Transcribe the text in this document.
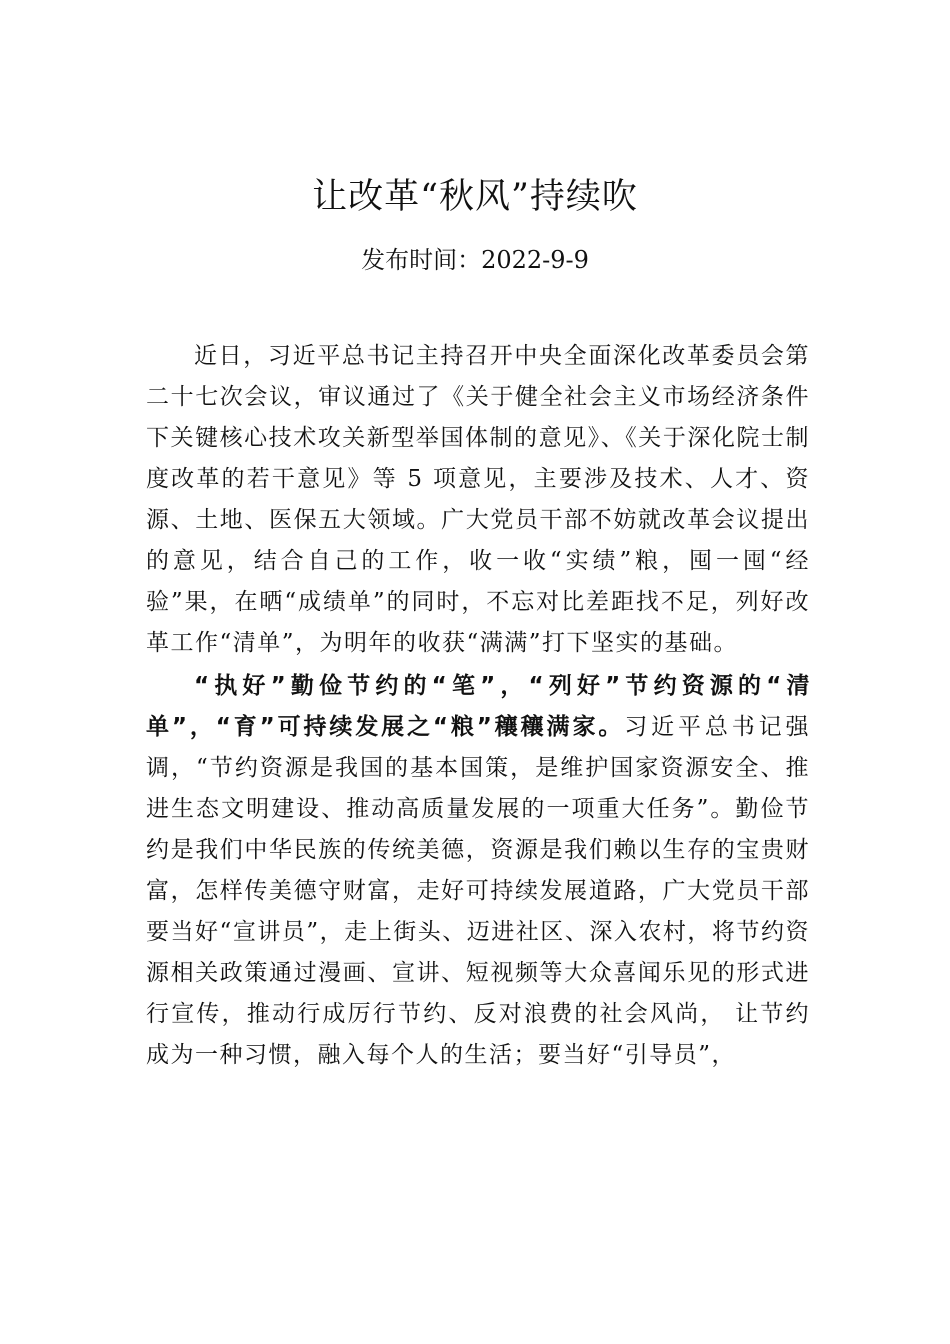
让改革“秋风”持续吹
发布时间：2022-9-9

近日，习近平总书记主持召开中央全面深化改革委员会第二十七次会议，审议通过了《关于健全社会主义市场经济条件下关键核心技术攻关新型举国体制的意见》、《关于深化院士制度改革的若干意见》等 5 项意见，主要涉及技术、人才、资源、土地、医保五大领域。广大党员干部不妨就改革会议提出的意见，结合自己的工作，收一收“实绩”粮，囤一囤“经验”果，在晒“成绩单”的同时，不忘对比差距找不足，列好改革工作“清单”，为明年的收获“满满”打下坚实的基础。

“执好”勤俭节约的“笔”，“列好”节约资源的“清单”，“育”可持续发展之“粮”穰穰满家。习近平总书记强调，“节约资源是我国的基本国策，是维护国家资源安全、推进生态文明建设、推动高质量发展的一项重大任务”。勤俭节约是我们中华民族的传统美德，资源是我们赖以生存的宝贵财富，怎样传美德守财富，走好可持续发展道路，广大党员干部要当好“宣讲员”，走上街头、迈进社区、深入农村，将节约资源相关政策通过漫画、宣讲、短视频等大众喜闻乐见的形式进行宣传，推动行成厉行节约、反对浪费的社会风尚， 让节约成为一种习惯，融入每个人的生活；要当好“引导员”，
